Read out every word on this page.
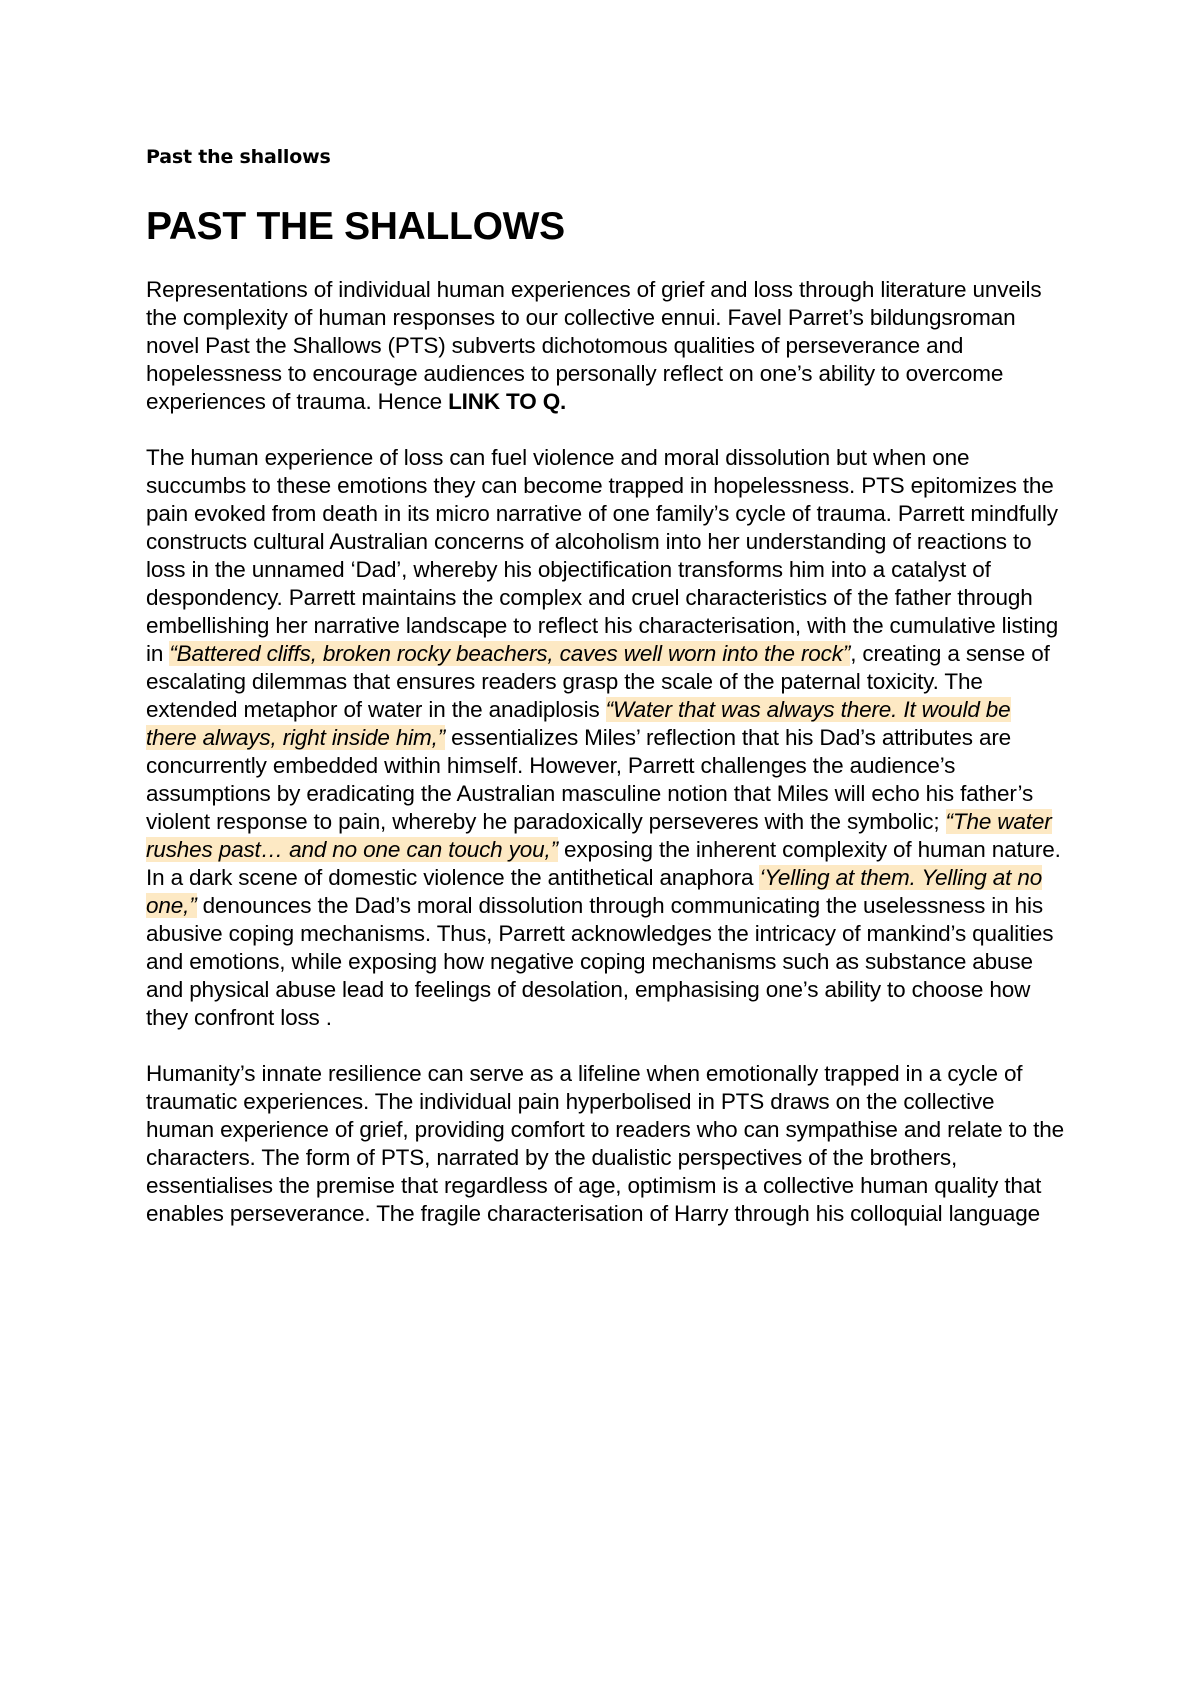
Past the shallows

PAST THE SHALLOWS

Representations of individual human experiences of grief and loss through literature unveils the complexity of human responses to our collective ennui. Favel Parret’s bildungsroman novel Past the Shallows (PTS) subverts dichotomous qualities of perseverance and hopelessness to encourage audiences to personally reflect on one’s ability to overcome experiences of trauma. Hence LINK TO Q.

The human experience of loss can fuel violence and moral dissolution but when one succumbs to these emotions they can become trapped in hopelessness. PTS epitomizes the pain evoked from death in its micro narrative of one family’s cycle of trauma. Parrett mindfully constructs cultural Australian concerns of alcoholism into her understanding of reactions to loss in the unnamed ‘Dad’, whereby his objectification transforms him into a catalyst of despondency. Parrett maintains the complex and cruel characteristics of the father through embellishing her narrative landscape to reflect his characterisation, with the cumulative listing in “Battered cliffs, broken rocky beachers, caves well worn into the rock”, creating a sense of escalating dilemmas that ensures readers grasp the scale of the paternal toxicity. The extended metaphor of water in the anadiplosis “Water that was always there. It would be there always, right inside him,” essentializes Miles’ reflection that his Dad’s attributes are concurrently embedded within himself. However, Parrett challenges the audience’s assumptions by eradicating the Australian masculine notion that Miles will echo his father’s violent response to pain, whereby he paradoxically perseveres with the symbolic; “The water rushes past… and no one can touch you,” exposing the inherent complexity of human nature. In a dark scene of domestic violence the antithetical anaphora ‘Yelling at them. Yelling at no one,” denounces the Dad’s moral dissolution through communicating the uselessness in his abusive coping mechanisms. Thus, Parrett acknowledges the intricacy of mankind’s qualities and emotions, while exposing how negative coping mechanisms such as substance abuse and physical abuse lead to feelings of desolation, emphasising one’s ability to choose how they confront loss .

Humanity’s innate resilience can serve as a lifeline when emotionally trapped in a cycle of traumatic experiences. The individual pain hyperbolised in PTS draws on the collective human experience of grief, providing comfort to readers who can sympathise and relate to the characters. The form of PTS, narrated by the dualistic perspectives of the brothers, essentialises the premise that regardless of age, optimism is a collective human quality that enables perseverance. The fragile characterisation of Harry through his colloquial language
